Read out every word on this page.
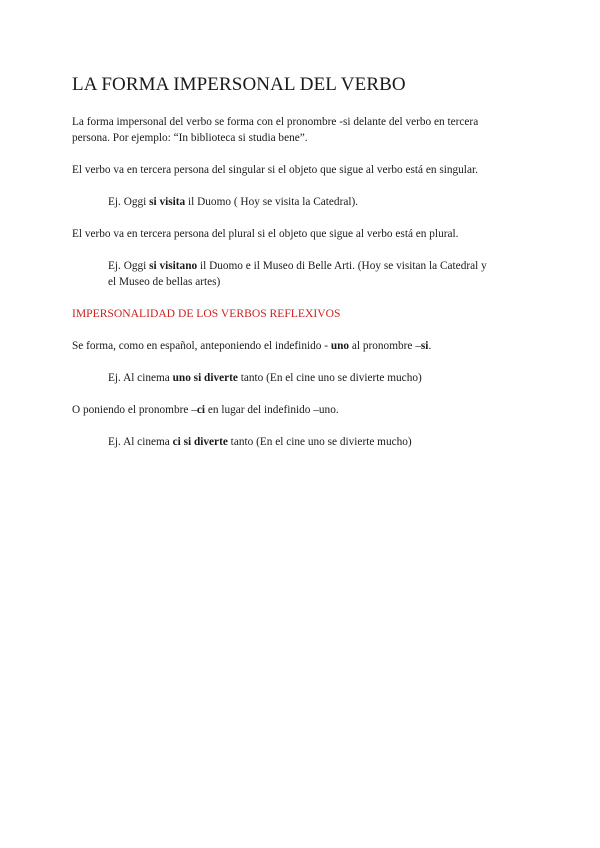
LA FORMA IMPERSONAL DEL VERBO
La forma impersonal del verbo se forma con el pronombre -si delante del verbo en tercera
persona. Por ejemplo: “In biblioteca si studia bene”.
El verbo va en tercera persona del singular si el objeto que sigue al verbo está en singular.
Ej. Oggi si visita il Duomo ( Hoy se visita la Catedral).
El verbo va en tercera persona del plural si el objeto que sigue al verbo está en plural.
Ej. Oggi si visitano il Duomo e il Museo di Belle Arti. (Hoy se visitan la Catedral y
el Museo de bellas artes)
IMPERSONALIDAD DE LOS VERBOS REFLEXIVOS
Se forma, como en español, anteponiendo el indefinido - uno al pronombre –si.
Ej. Al cinema uno si diverte tanto (En el cine uno se divierte mucho)
O poniendo el pronombre –ci en lugar del indefinido –uno.
Ej. Al cinema ci si diverte tanto (En el cine uno se divierte mucho)
